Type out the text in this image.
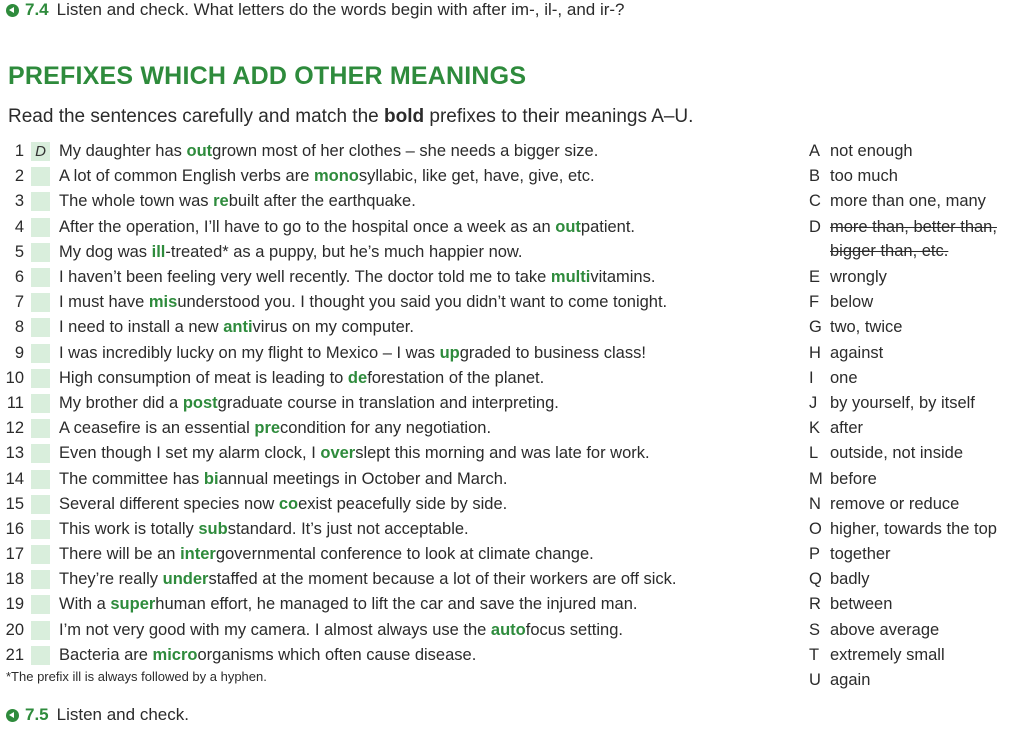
7.4 Listen and check. What letters do the words begin with after im-, il-, and ir-?
PREFIXES WHICH ADD OTHER MEANINGS
Read the sentences carefully and match the bold prefixes to their meanings A–U.
1 D My daughter has outgrown most of her clothes – she needs a bigger size.
2 A lot of common English verbs are monosyllabic, like get, have, give, etc.
3 The whole town was rebuilt after the earthquake.
4 After the operation, I’ll have to go to the hospital once a week as an outpatient.
5 My dog was ill-treated* as a puppy, but he’s much happier now.
6 I haven’t been feeling very well recently. The doctor told me to take multivitamins.
7 I must have misunderstood you. I thought you said you didn’t want to come tonight.
8 I need to install a new antivirus on my computer.
9 I was incredibly lucky on my flight to Mexico – I was upgraded to business class!
10 High consumption of meat is leading to deforestation of the planet.
11 My brother did a postgraduate course in translation and interpreting.
12 A ceasefire is an essential precondition for any negotiation.
13 Even though I set my alarm clock, I overslept this morning and was late for work.
14 The committee has biannual meetings in October and March.
15 Several different species now coexist peacefully side by side.
16 This work is totally substandard. It’s just not acceptable.
17 There will be an intergovernmental conference to look at climate change.
18 They’re really understaffed at the moment because a lot of their workers are off sick.
19 With a superhuman effort, he managed to lift the car and save the injured man.
20 I’m not very good with my camera. I almost always use the autofocus setting.
21 Bacteria are microorganisms which often cause disease.
A not enough
B too much
C more than one, many
D more than, better than, bigger than, etc.
E wrongly
F below
G two, twice
H against
I one
J by yourself, by itself
K after
L outside, not inside
M before
N remove or reduce
O higher, towards the top
P together
Q badly
R between
S above average
T extremely small
U again
*The prefix ill is always followed by a hyphen.
7.5 Listen and check.
